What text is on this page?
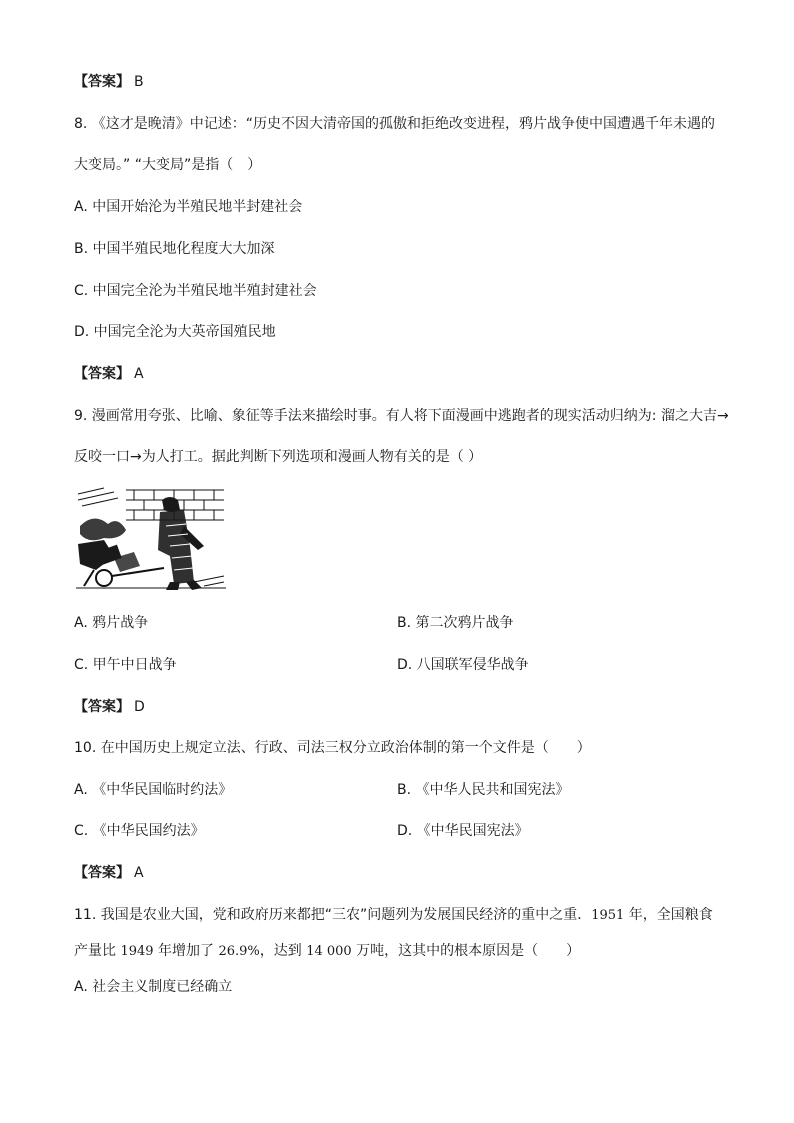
【答案】 B
8. 《这才是晚清》中记述：“历史不因大清帝国的孤傲和拒绝改变进程，鸦片战争使中国遭遇千年未遇的
大变局。” “大变局”是指（　）
A. 中国开始沦为半殖民地半封建社会
B. 中国半殖民地化程度大大加深
C. 中国完全沦为半殖民地半殖封建社会
D. 中国完全沦为大英帝国殖民地
【答案】 A
9. 漫画常用夸张、比喻、象征等手法来描绘时事。有人将下面漫画中逃跑者的现实活动归纳为: 溜之大吉→
反咬一口→为人打工。据此判断下列选项和漫画人物有关的是（ ）
A. 鸦片战争	B. 第二次鸦片战争
C. 甲午中日战争	D. 八国联军侵华战争
【答案】 D
10. 在中国历史上规定立法、行政、司法三权分立政治体制的第一个文件是（　　）
A. 《中华民国临时约法》	B. 《中华人民共和国宪法》
C. 《中华民国约法》	D. 《中华民国宪法》
【答案】 A
11. 我国是农业大国，党和政府历来都把“三农”问题列为发展国民经济的重中之重．1951 年，全国粮食
产量比 1949 年增加了 26.9%，达到 14 000 万吨，这其中的根本原因是（　　）
A. 社会主义制度已经确立
